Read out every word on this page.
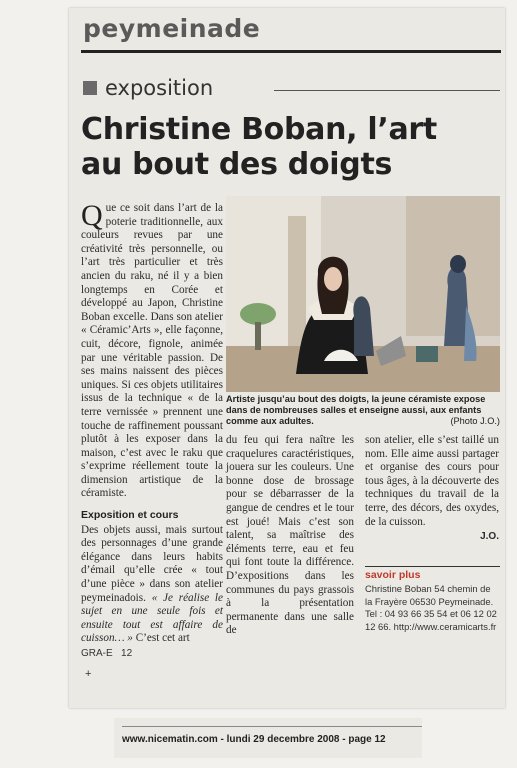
peymeinade
exposition
Christine Boban, l’art
au bout des doigts

Que ce soit dans l’art de la poterie traditionnelle, aux couleurs revues par une créativité très personnelle, ou l’art très particulier et très ancien du raku, né il y a bien longtemps en Corée et développé au Japon, Christine Boban excelle. Dans son atelier « Céramic’Arts », elle façonne, cuit, décore, fignole, animée par une véritable passion. De ses mains naissent des pièces uniques. Si ces objets utilitaires issus de la technique « de la terre vernissée » prennent une touche de raffinement poussant plutôt à les exposer dans la maison, c’est avec le raku que s’exprime réellement toute la dimension artistique de la céramiste.

Exposition et cours

Des objets aussi, mais surtout des personnages d’une grande élégance dans leurs habits d’émail qu’elle crée « tout d’une pièce » dans son atelier peymeinadois. « Je réalise le sujet en une seule fois et ensuite tout est affaire de cuisson… » C’est cet art

Artiste jusqu’au bout des doigts, la jeune céramiste expose dans de nombreuses salles et enseigne aussi, aux enfants comme aux adultes.	(Photo J.O.)
du feu qui fera naître les craquelures caractéristiques, jouera sur les couleurs. Une bonne dose de brossage pour se débarrasser de la gangue de cendres et le tour est joué! Mais c’est son talent, sa maîtrise des éléments terre, eau et feu qui font toute la différence. D’expositions dans les communes du pays grassois à la présentation permanente dans une salle de
son atelier, elle s’est taillé un nom. Elle aime aussi partager et organise des cours pour tous âges, à la découverte des techniques du travail de la terre, des décors, des oxydes, de la cuisson.
J.O.
savoir plus
Christine Boban 54 chemin de la Frayère 06530 Peymeinade. Tel : 04 93 66 35 54 et 06 12 02 12 66. http://www.ceramicarts.fr
GRA-E   12
+
www.nicematin.com - lundi 29 decembre 2008 - page 12
